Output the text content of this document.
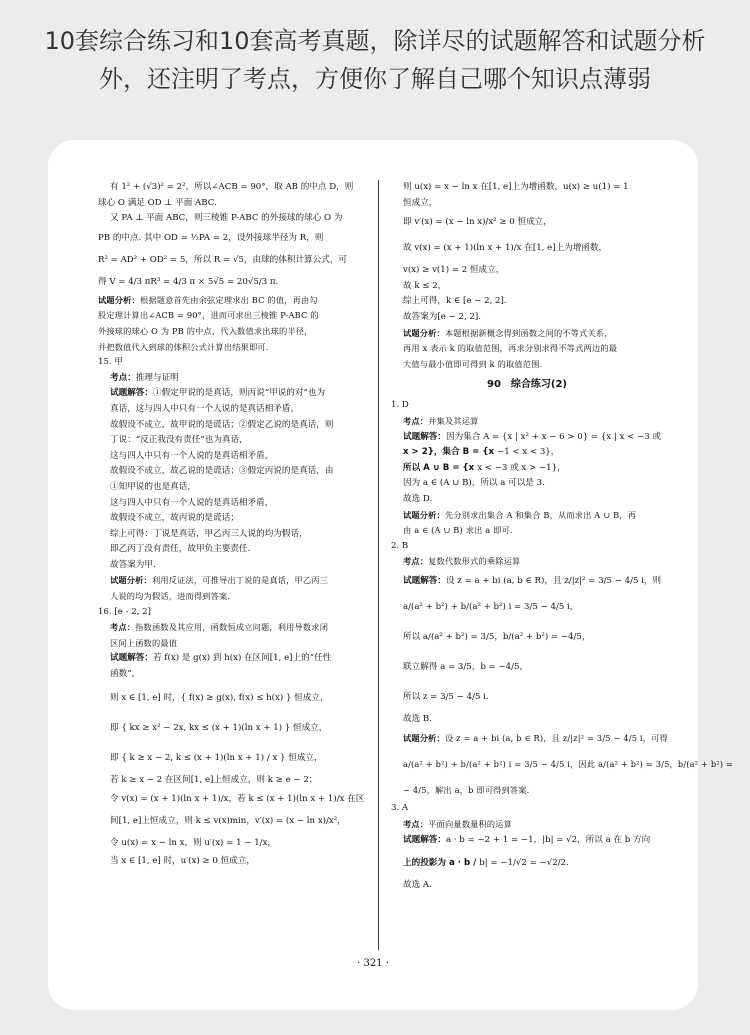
10套综合练习和10套高考真题，除详尽的试题解答和试题分析
外，还注明了考点，方便你了解自己哪个知识点薄弱
有 1² + (√3)² = 2²，所以∠ACB = 90°，取 AB 的中点 D，则
球心 O 满足 OD ⊥ 平面 ABC.
又 PA ⊥ 平面 ABC，则三棱锥 P-ABC 的外接球的球心 O 为
PB 的中点. 其中 OD = ½PA = 2，设外接球半径为 R，则
R² = AD² + OD² = 5，所以 R = √5，由球的体积计算公式，可
得 V = 4/3 πR³ = 4/3 π × 5√5 = 20√5/3 π.
试题分析：根据题意首先由余弦定理求出 BC 的值，再由勾
股定理计算出∠ACB = 90°，进而可求出三棱锥 P-ABC 的
外接球的球心 O 为 PB 的中点，代入数值求出球的半径，
并把数值代入到球的体积公式计算出结果即可.
15. 甲
考点：推理与证明
试题解答：①假定甲说的是真话，则丙说“甲说的对”也为
真话，这与四人中只有一个人说的是真话相矛盾，
故假设不成立，故甲说的是谎话；②假定乙说的是真话，则
丁说：“反正我没有责任”也为真话，
这与四人中只有一个人说的是真话相矛盾，
故假设不成立，故乙说的是谎话；③假定丙说的是真话，由
①知甲说的也是真话，
这与四人中只有一个人说的是真话相矛盾，
故假设不成立，故丙说的是谎话；
综上可得：丁说是真话，甲乙丙三人说的均为假话，
即乙丙丁没有责任，故甲负主要责任.
故答案为甲.
试题分析：利用反证法，可推导出丁说的是真话，甲乙丙三
人说的均为假话，进而得到答案.
16. [e - 2, 2]
考点：指数函数及其应用，函数恒成立问题，利用导数求闭
区间上函数的最值
试题解答：若 f(x) 是 g(x) 到 h(x) 在区间[1, e]上的“任性
函数”，
则 x ∈ [1, e] 时，{ f(x) ≥ g(x), f(x) ≤ h(x) } 恒成立，
即 { kx ≥ x² − 2x, kx ≤ (x + 1)(ln x + 1) } 恒成立，
即 { k ≥ x − 2, k ≤ (x + 1)(ln x + 1) / x } 恒成立，
若 k ≥ x − 2 在区间[1, e]上恒成立，则 k ≥ e − 2；
令 v(x) = (x + 1)(ln x + 1)/x，若 k ≤ (x + 1)(ln x + 1)/x 在区
间[1, e]上恒成立，则 k ≤ v(x)min，v′(x) = (x − ln x)/x²，
令 u(x) = x − ln x，则 u′(x) = 1 − 1/x，
当 x ∈ [1, e] 时，u′(x) ≥ 0 恒成立，
则 u(x) = x − ln x 在[1, e]上为增函数，u(x) ≥ u(1) = 1
恒成立，
即 v′(x) = (x − ln x)/x² ≥ 0 恒成立，
故 v(x) = (x + 1)(ln x + 1)/x 在[1, e]上为增函数，
v(x) ≥ v(1) = 2 恒成立，
故 k ≤ 2，
综上可得，k ∈ [e − 2, 2].
故答案为[e − 2, 2].
试题分析：本题根据新概念得到函数之间的不等式关系，
再用 x 表示 k 的取值范围，再求分别求得不等式两边的最
大值与最小值即可得到 k 的取值范围.
90　综合练习(2)
1. D
考点：并集及其运算
试题解答：因为集合 A = {x | x² + x − 6 > 0} = {x | x < −3 或
x > 2}，集合 B = {x −1 < x < 3}，
所以 A ∪ B = {x x < −3 或 x > −1}，
因为 a ∈ (A ∪ B)，所以 a 可以是 3.
故选 D.
试题分析：先分别求出集合 A 和集合 B，从而求出 A ∪ B，再
由 a ∈ (A ∪ B) 求出 a 即可.
2. B
考点：复数代数形式的乘除运算
试题解答：设 z = a + bi (a, b ∈ R)，且 z/|z|² = 3/5 − 4/5 i，则
a/(a² + b²) + b/(a² + b²) i = 3/5 − 4/5 i，
所以 a/(a² + b²) = 3/5，b/(a² + b²) = −4/5，
联立解得 a = 3/5，b = −4/5，
所以 z = 3/5 − 4/5 i.
故选 B.
试题分析：设 z = a + bi (a, b ∈ R)，且 z/|z|² = 3/5 − 4/5 i，可得
a/(a² + b²) + b/(a² + b²) i = 3/5 − 4/5 i，因此 a/(a² + b²) = 3/5，b/(a² + b²) =
− 4/5，解出 a，b 即可得到答案.
3. A
考点：平面向量数量积的运算
试题解答：a · b = −2 + 1 = −1，|b| = √2，所以 a 在 b 方向
上的投影为 a · b / b| = −1/√2 = −√2/2.
故选 A.
· 321 ·
